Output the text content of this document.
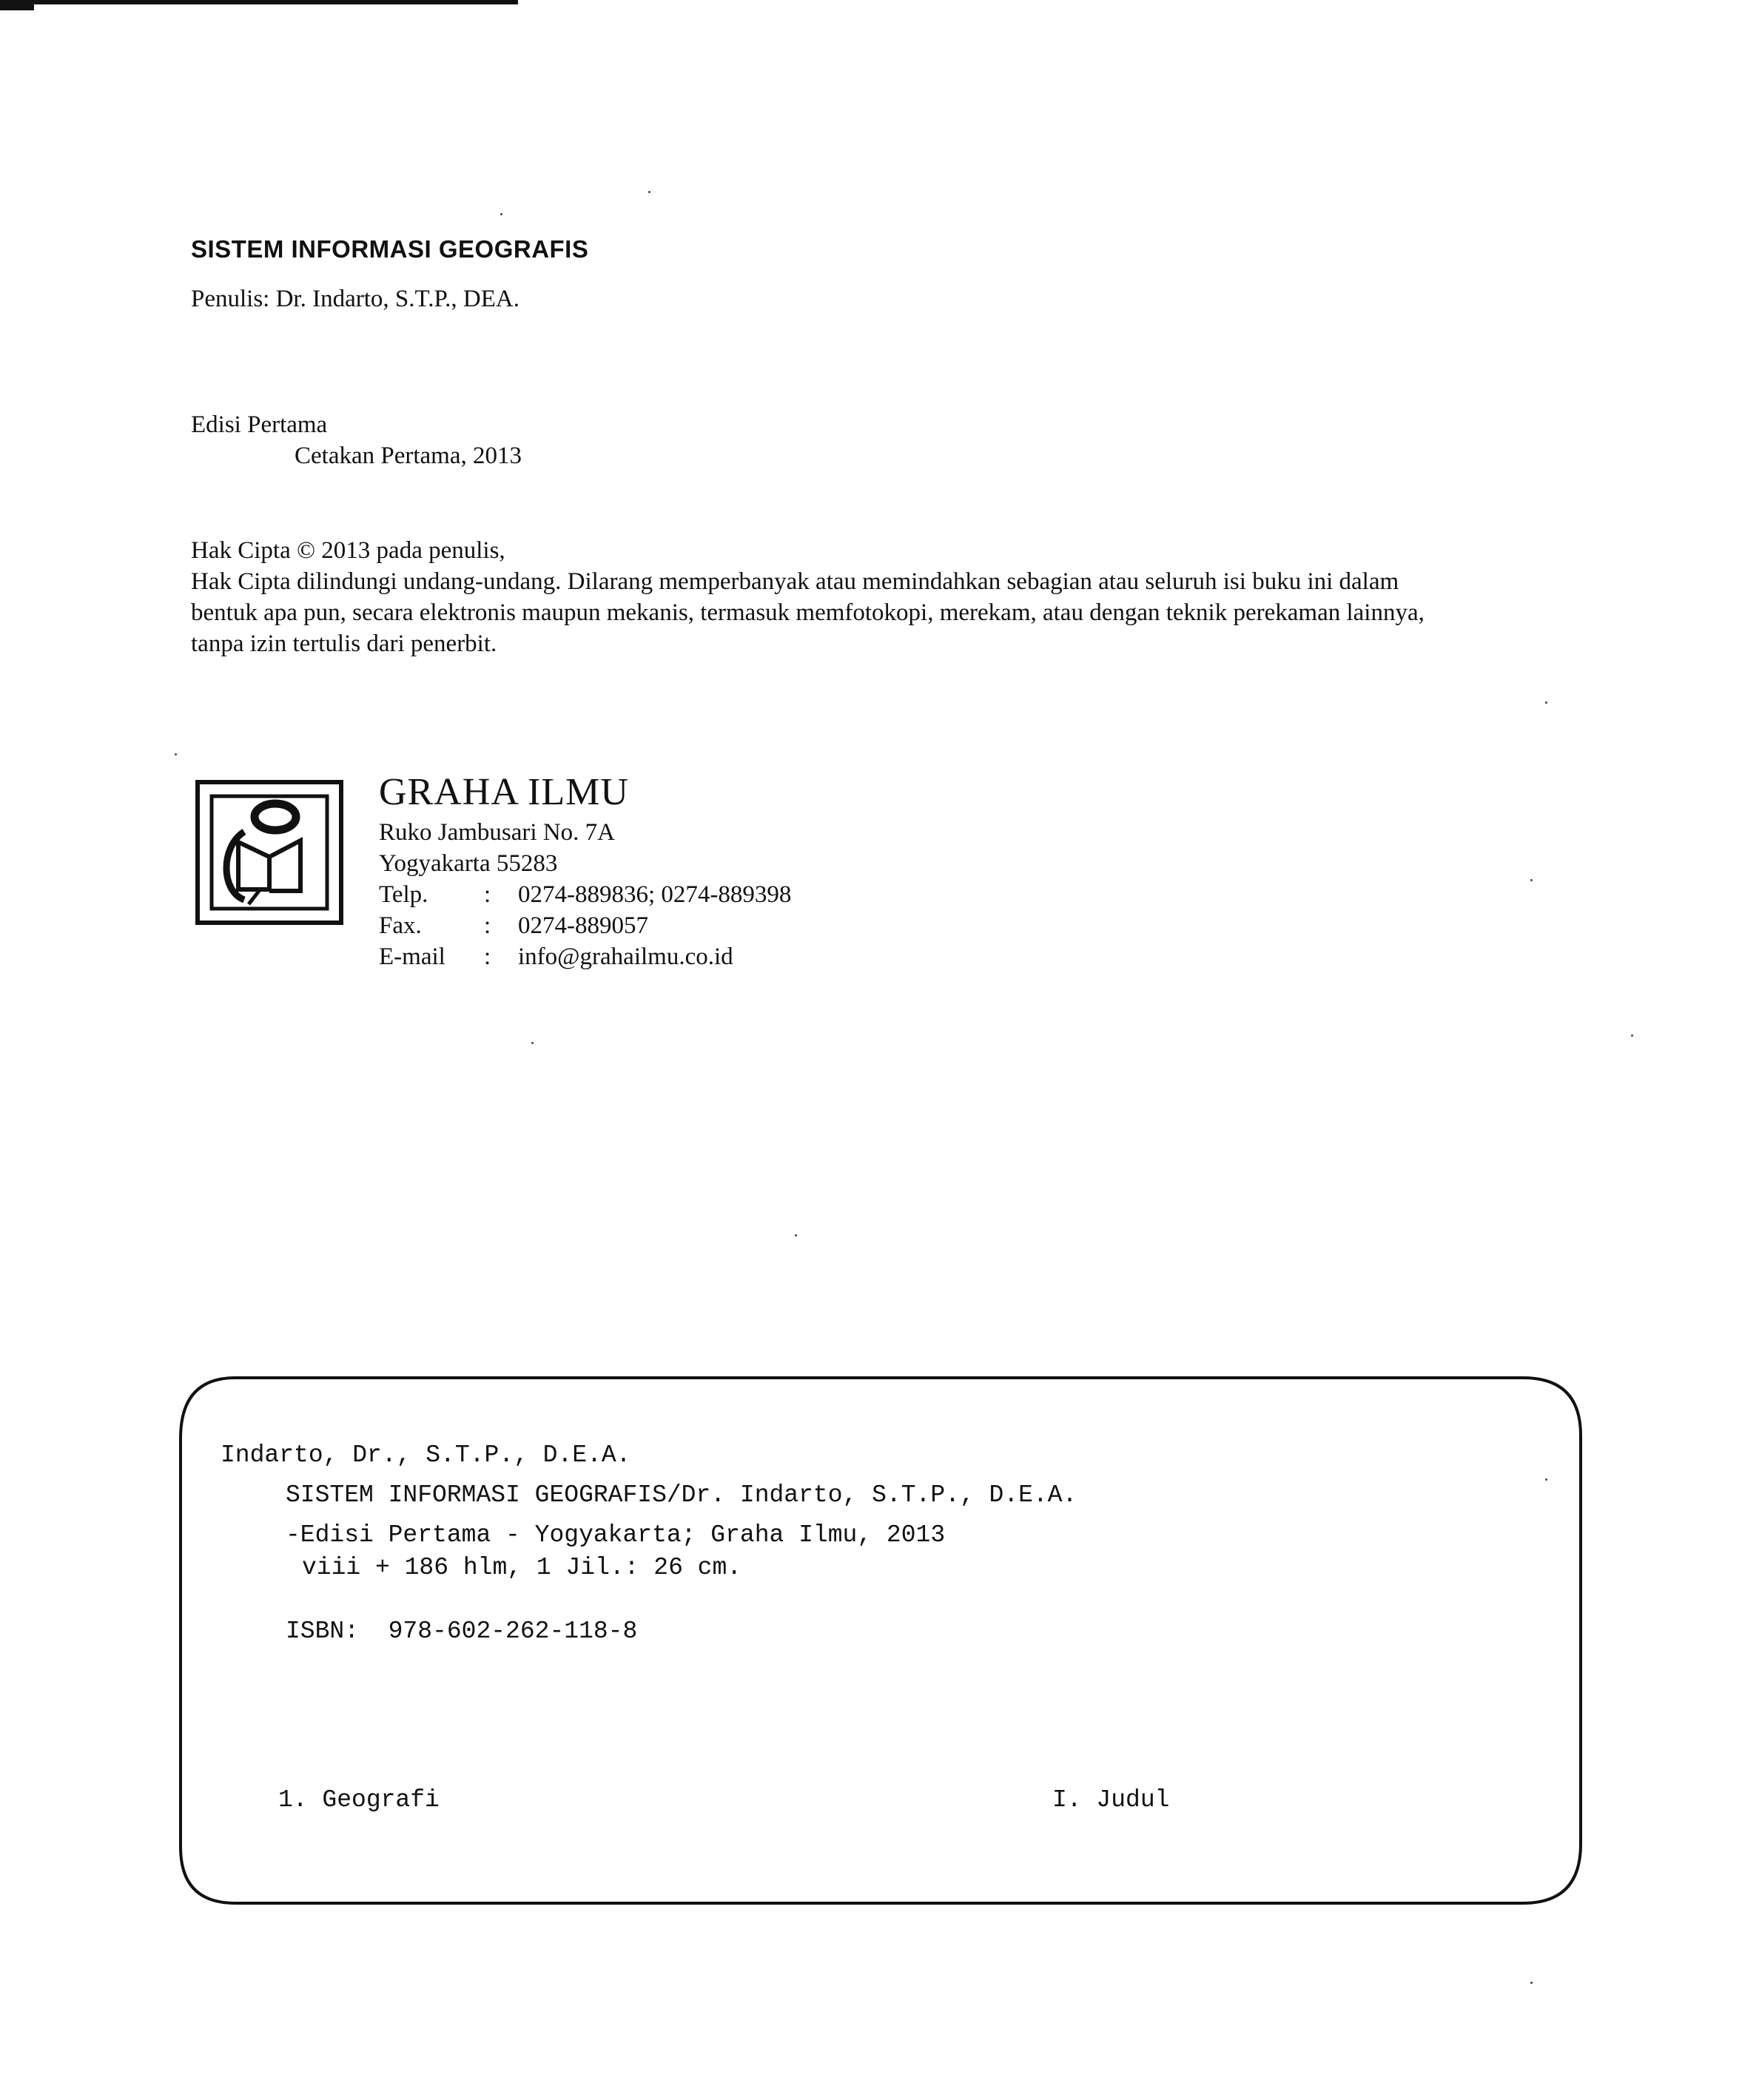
SISTEM INFORMASI GEOGRAFIS
Penulis: Dr. Indarto, S.T.P., DEA.
Edisi Pertama
Cetakan Pertama, 2013

Hak Cipta © 2013 pada penulis,

Hak Cipta dilindungi undang-undang. Dilarang memperbanyak atau memindahkan sebagian atau seluruh isi buku ini dalam

bentuk apa pun, secara elektronis maupun mekanis, termasuk memfotokopi, merekam, atau dengan teknik perekaman lainnya,

tanpa izin tertulis dari penerbit.

GRAHA ILMU
Ruko Jambusari No. 7A
Yogyakarta 55283
Telp.	:	0274-889836; 0274-889398
Fax.	:	0274-889057
E-mail	:	info@grahailmu.co.id
Indarto, Dr., S.T.P., D.E.A.
SISTEM INFORMASI GEOGRAFIS/Dr. Indarto, S.T.P., D.E.A.
-Edisi Pertama - Yogyakarta; Graha Ilmu, 2013
viii + 186 hlm, 1 Jil.: 26 cm.
ISBN:  978-602-262-118-8
1. Geografi	I. Judul
